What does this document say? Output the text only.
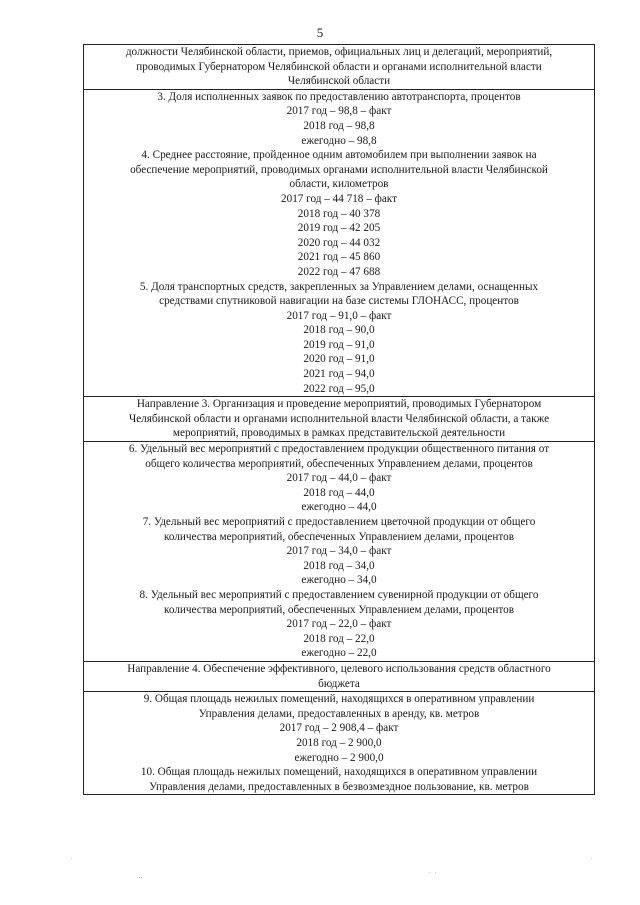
5
должности Челябинской области, приемов, официальных лиц и делегаций, мероприятий,
проводимых Губернатором Челябинской области и органами исполнительной власти
Челябинской области
3. Доля исполненных заявок по предоставлению автотранспорта, процентов
2017 год – 98,8 – факт
2018 год – 98,8
ежегодно – 98,8
4. Среднее расстояние, пройденное одним автомобилем при выполнении заявок на
обеспечение мероприятий, проводимых органами исполнительной власти Челябинской
области, километров
2017 год – 44 718 – факт
2018 год – 40 378
2019 год – 42 205
2020 год – 44 032
2021 год – 45 860
2022 год – 47 688
5. Доля транспортных средств, закрепленных за Управлением делами, оснащенных
средствами спутниковой навигации на базе системы ГЛОНАСС, процентов
2017 год – 91,0 – факт
2018 год – 90,0
2019 год – 91,0
2020 год – 91,0
2021 год – 94,0
2022 год – 95,0
Направление 3. Организация и проведение мероприятий, проводимых Губернатором
Челябинской области и органами исполнительной власти Челябинской области, а также
мероприятий, проводимых в рамках представительской деятельности
6. Удельный вес мероприятий с предоставлением продукции общественного питания от
общего количества мероприятий, обеспеченных Управлением делами, процентов
2017 год – 44,0 – факт
2018 год – 44,0
ежегодно – 44,0
7. Удельный вес мероприятий с предоставлением цветочной продукции от общего
количества мероприятий, обеспеченных Управлением делами, процентов
2017 год – 34,0 – факт
2018 год – 34,0
ежегодно – 34,0
8. Удельный вес мероприятий с предоставлением сувенирной продукции от общего
количества мероприятий, обеспеченных Управлением делами, процентов
2017 год – 22,0 – факт
2018 год – 22,0
ежегодно – 22,0
Направление 4. Обеспечение эффективного, целевого использования средств областного
бюджета
9. Общая площадь нежилых помещений, находящихся в оперативном управлении
Управления делами, предоставленных в аренду, кв. метров
2017 год – 2 908,4 – факт
2018 год – 2 900,0
ежегодно – 2 900,0
10. Общая площадь нежилых помещений, находящихся в оперативном управлении
Управления делами, предоставленных в безвозмездное пользование, кв. метров
˙
‥	˙ ˙
˙
